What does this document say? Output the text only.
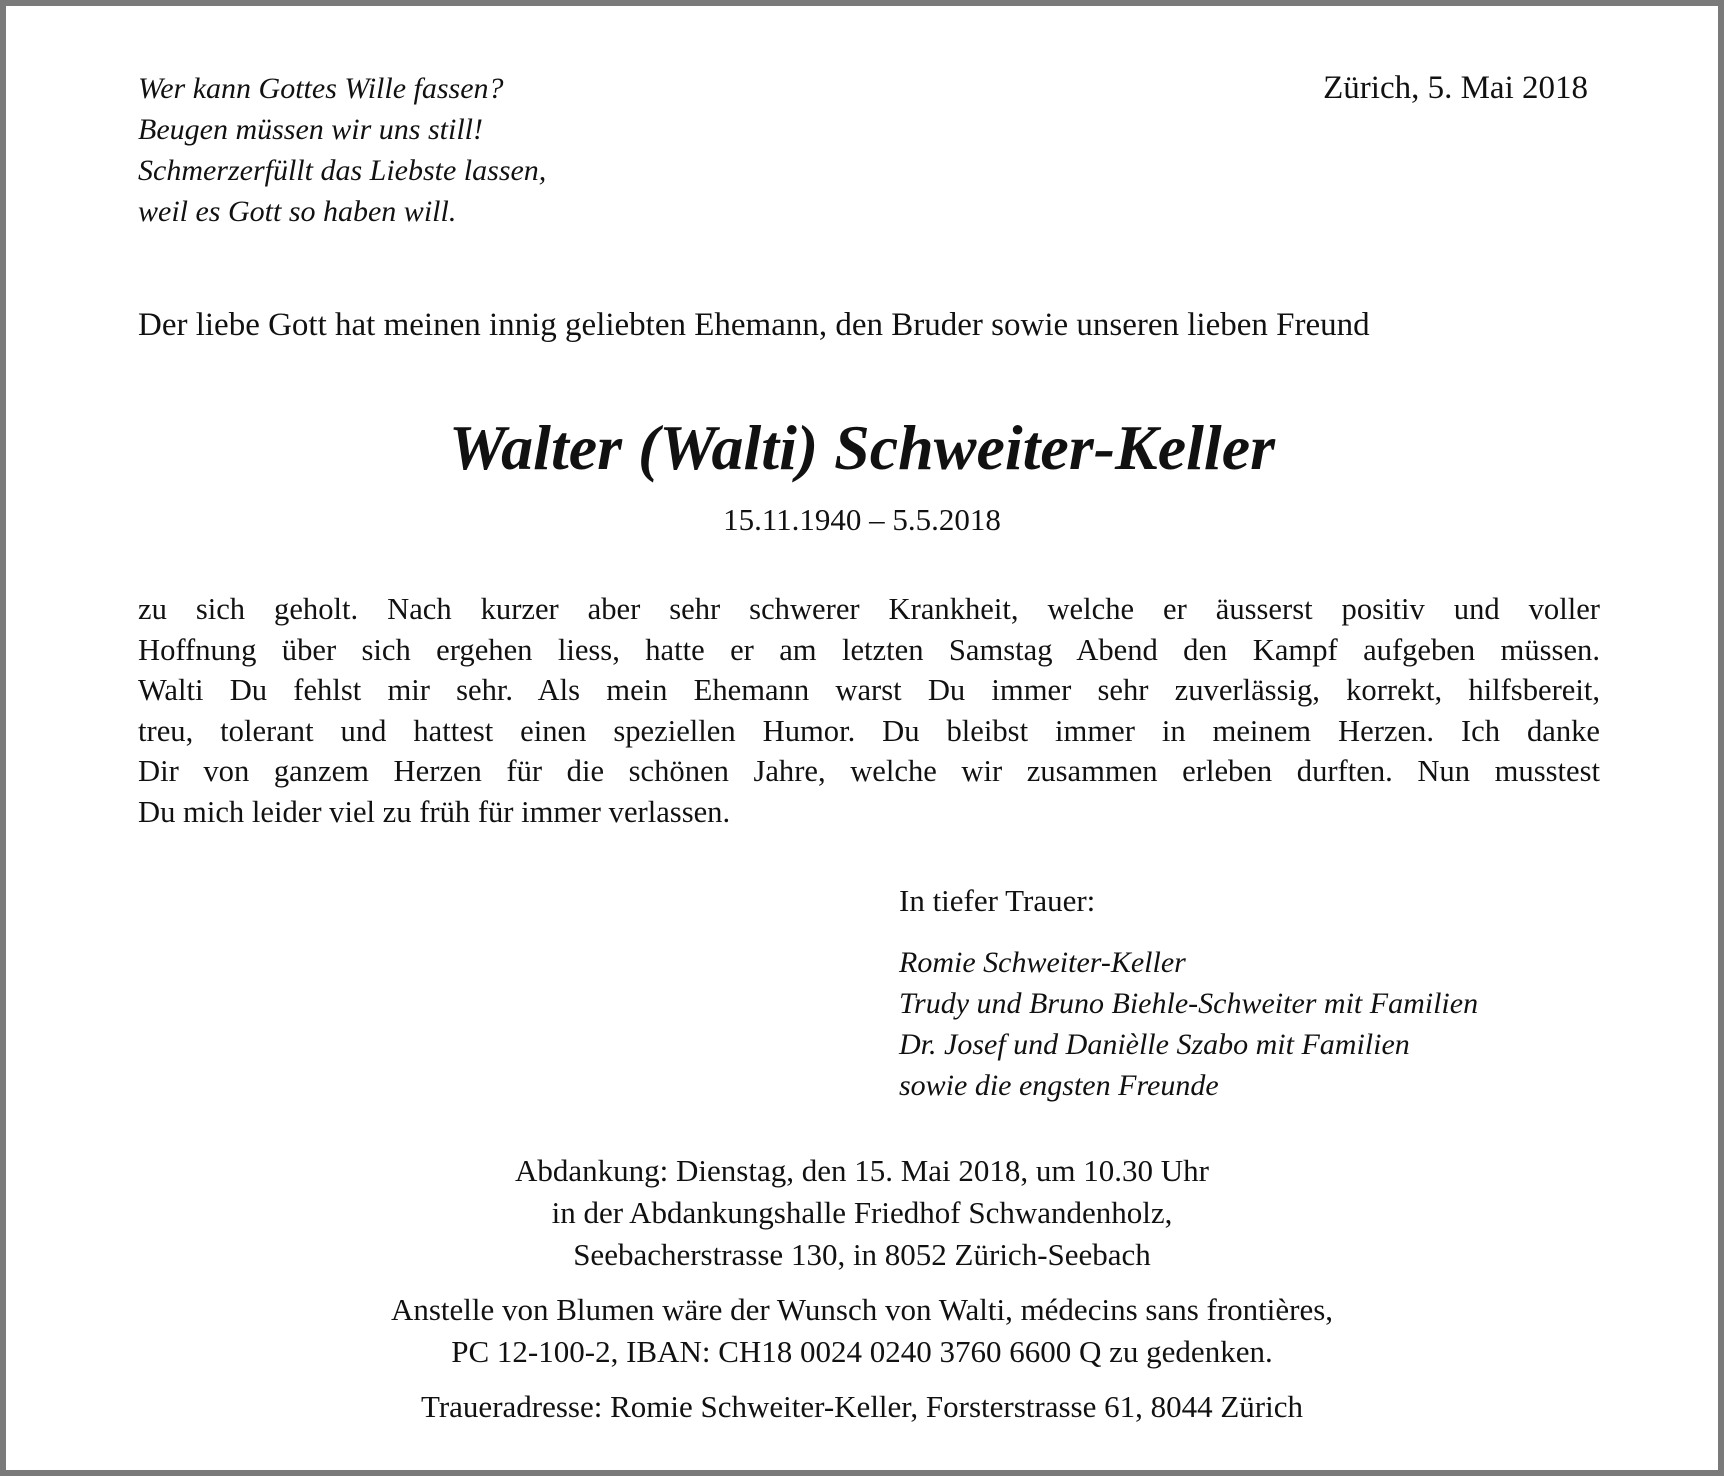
Wer kann Gottes Wille fassen?
Beugen müssen wir uns still!
Schmerzerfüllt das Liebste lassen,
weil es Gott so haben will.
Zürich, 5. Mai 2018
Der liebe Gott hat meinen innig geliebten Ehemann, den Bruder sowie unseren lieben Freund
Walter (Walti) Schweiter-Keller
15.11.1940 – 5.5.2018
zu sich geholt. Nach kurzer aber sehr schwerer Krankheit, welche er äusserst positiv und voller
Hoffnung über sich ergehen liess, hatte er am letzten Samstag Abend den Kampf aufgeben müssen.
Walti Du fehlst mir sehr. Als mein Ehemann warst Du immer sehr zuverlässig, korrekt, hilfsbereit,
treu, tolerant und hattest einen speziellen Humor. Du bleibst immer in meinem Herzen. Ich danke
Dir von ganzem Herzen für die schönen Jahre, welche wir zusammen erleben durften. Nun musstest
Du mich leider viel zu früh für immer verlassen.
In tiefer Trauer:
Romie Schweiter-Keller
Trudy und Bruno Biehle-Schweiter mit Familien
Dr. Josef und Danièlle Szabo mit Familien
sowie die engsten Freunde
Abdankung: Dienstag, den 15. Mai 2018, um 10.30 Uhr
in der Abdankungshalle Friedhof Schwandenholz,
Seebacherstrasse 130, in 8052 Zürich-Seebach
Anstelle von Blumen wäre der Wunsch von Walti, médecins sans frontières,
PC 12-100-2, IBAN: CH18 0024 0240 3760 6600 Q zu gedenken.
Traueradresse: Romie Schweiter-Keller, Forsterstrasse 61, 8044 Zürich
